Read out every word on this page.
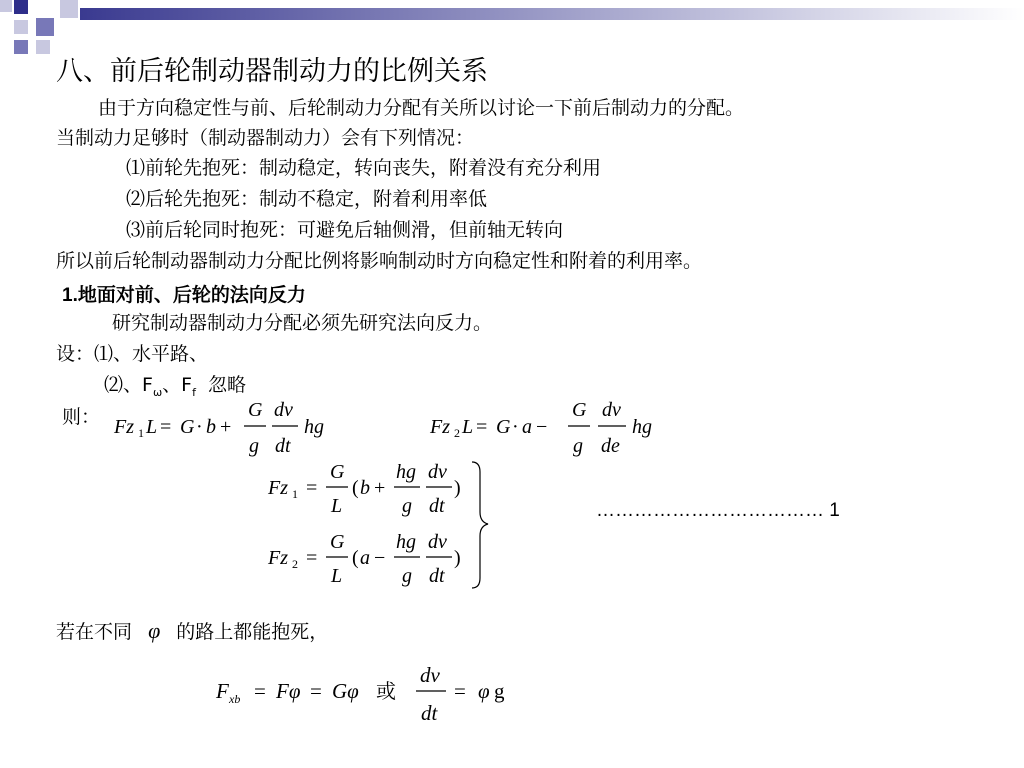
八、前后轮制动器制动力的比例关系
由于方向稳定性与前、后轮制动力分配有关所以讨论一下前后制动力的分配。
当制动力足够时（制动器制动力）会有下列情况：
⑴前轮先抱死：制动稳定，转向丧失，附着没有充分利用
⑵后轮先抱死：制动不稳定，附着利用率低
⑶前后轮同时抱死：可避免后轴侧滑，但前轴无转向
所以前后轮制动器制动力分配比例将影响制动时方向稳定性和附着的利用率。
1.地面对前、后轮的法向反力
研究制动器制动力分配必须先研究法向反力。
设：⑴、水平路、
⑵、$F_\omega$、$F_f$ 忽略
则： Fz 1 L = G · b +
G
g
dv
dt
hg	Fz 2 L = G · a −
G
g
dv
de
hg
Fz 1 =
G
L
( b +
hg
g
dv
dt
)
Fz 2 =
G
L
( a −
hg
g
dv
dt
)
……………………………… 1
若在不同 φ 的路上都能抱死，
F xb = Fφ = Gφ 或
dv
dt
= φ g
